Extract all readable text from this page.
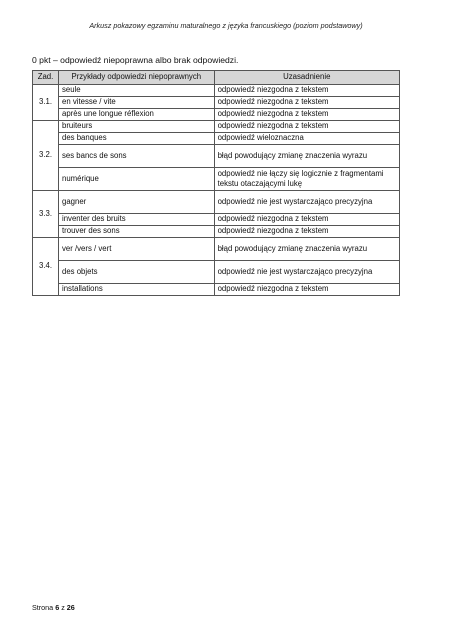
Arkusz pokazowy egzaminu maturalnego z języka francuskiego (poziom podstawowy)
0 pkt – odpowiedź niepoprawna albo brak odpowiedzi.
Zad.	Przykłady odpowiedzi niepoprawnych	Uzasadnienie
3.1.	seule	odpowiedź niezgodna z tekstem
	en vitesse / vite	odpowiedź niezgodna z tekstem
	après une longue réflexion	odpowiedź niezgodna z tekstem
3.2.	bruiteurs	odpowiedź niezgodna z tekstem
	des banques	odpowiedź wieloznaczna
	ses bancs de sons	błąd powodujący zmianę znaczenia wyrazu
	numérique	odpowiedź nie łączy się logicznie z fragmentami tekstu otaczającymi lukę
3.3.	gagner	odpowiedź nie jest wystarczająco precyzyjna
	inventer des bruits	odpowiedź niezgodna z tekstem
	trouver des sons	odpowiedź niezgodna z tekstem
3.4.	ver /vers / vert	błąd powodujący zmianę znaczenia wyrazu
	des objets	odpowiedź nie jest wystarczająco precyzyjna
	installations	odpowiedź niezgodna z tekstem
Strona 6 z 26
